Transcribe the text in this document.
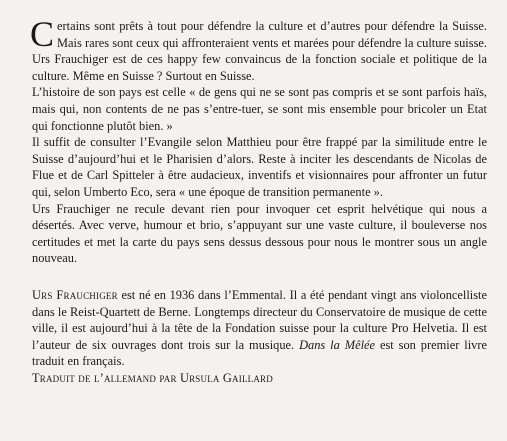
Certains sont prêts à tout pour défendre la culture et d’autres pour défendre la Suisse. Mais rares sont ceux qui affronteraient vents et marées pour défendre la culture suisse. Urs Frauchiger est de ces happy few convaincus de la fonction sociale et politique de la culture. Même en Suisse ? Surtout en Suisse.

L’histoire de son pays est celle « de gens qui ne se sont pas compris et se sont parfois haïs, mais qui, non contents de ne pas s’entre-tuer, se sont mis ensemble pour bricoler un Etat qui fonctionne plutôt bien. »

Il suffit de consulter l’Evangile selon Matthieu pour être frappé par la similitude entre le Suisse d’aujourd’hui et le Pharisien d’alors. Reste à inciter les descendants de Nicolas de Flue et de Carl Spitteler à être audacieux, inventifs et visionnaires pour affronter un futur qui, selon Umberto Eco, sera « une époque de transition permanente ».

Urs Frauchiger ne recule devant rien pour invoquer cet esprit helvétique qui nous a désertés. Avec verve, humour et brio, s’appuyant sur une vaste culture, il bouleverse nos certitudes et met la carte du pays sens dessus dessous pour nous le montrer sous un angle nouveau.

Urs Frauchiger est né en 1936 dans l’Emmental. Il a été pendant vingt ans violoncelliste dans le Reist-Quartett de Berne. Longtemps directeur du Conservatoire de musique de cette ville, il est aujourd’hui à la tête de la Fondation suisse pour la culture Pro Helvetia. Il est l’auteur de six ouvrages dont trois sur la musique. Dans la Mêlée est son premier livre traduit en français.

Traduit de l’allemand par Ursula Gaillard
